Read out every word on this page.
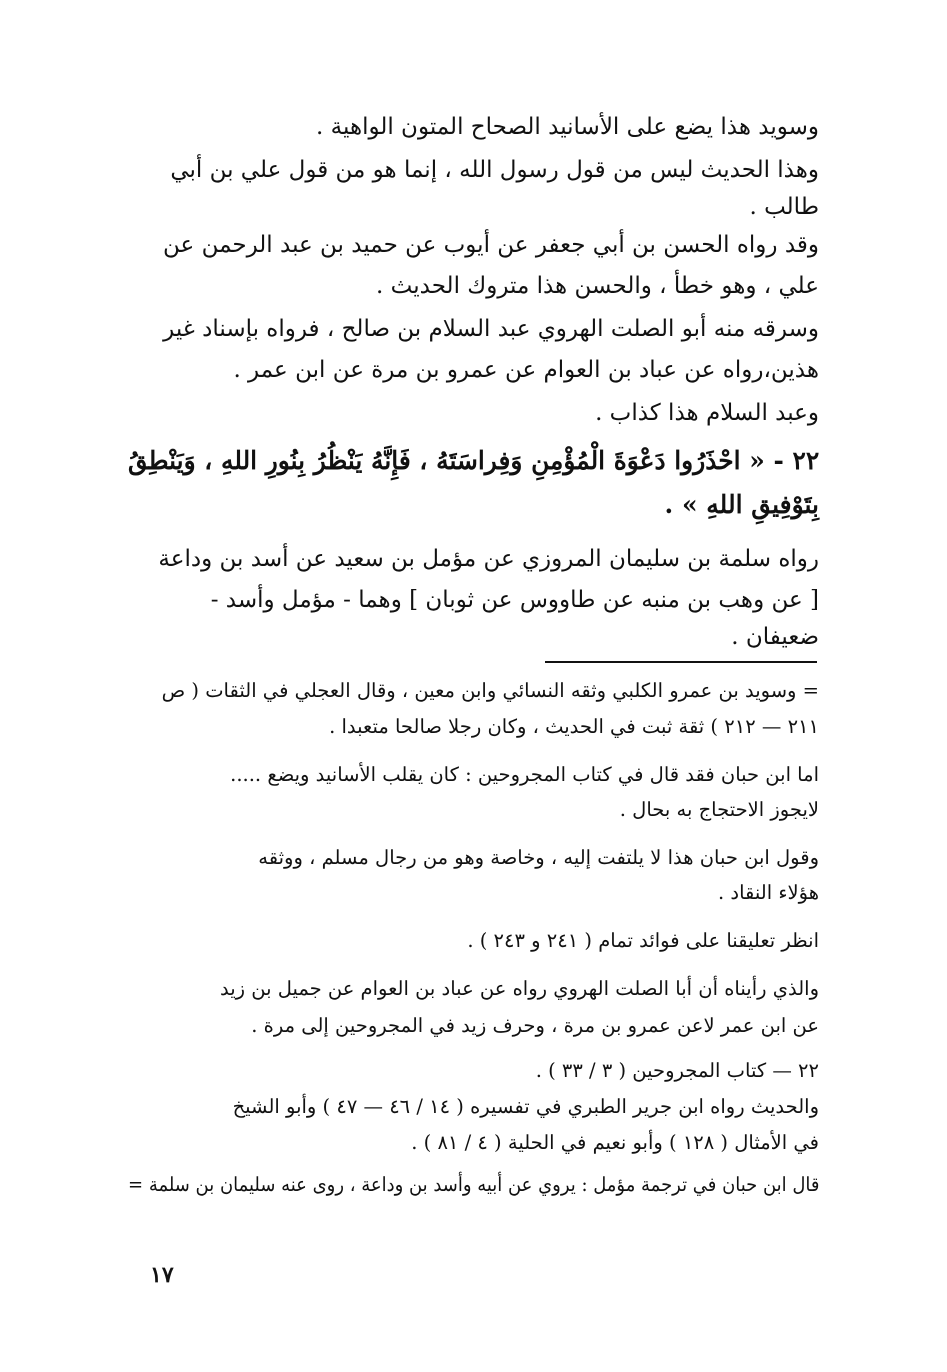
وسويد هذا يضع على الأسانيد الصحاح المتون الواهية .
وهذا الحديث ليس من قول رسول الله ، إنما هو من قول علي بن أبي
طالب .
وقد رواه الحسن بن أبي جعفر عن أيوب عن حميد بن عبد الرحمن عن
علي ، وهو خطأ ، والحسن هذا متروك الحديث .
وسرقه منه أبو الصلت الهروي عبد السلام بن صالح ، فرواه بإسناد غير
هذين،رواه عن عباد بن العوام عن عمرو بن مرة عن ابن عمر .
وعبد السلام هذا كذاب .
٢٢ - « احْذَرُوا دَعْوَةَ الْمُؤْمِنِ وَفِراسَتَهُ ، فَإِنَّهُ يَنْظُرُ بِنُورِ اللهِ ، وَيَنْطِقُ
بِتَوْفِيقِ اللهِ » .
رواه سلمة بن سليمان المروزي عن مؤمل بن سعيد عن أسد بن وداعة
[ عن وهب بن منبه عن طاووس عن ثوبان ] وهما - مؤمل وأسد -
ضعيفان .
= وسويد بن عمرو الكلبي وثقه النسائي وابن معين ، وقال العجلي في الثقات ( ص
٢١١ — ٢١٢ ) ثقة ثبت في الحديث ، وكان رجلا صالحا متعبدا .
اما ابن حبان فقد قال في كتاب المجروحين : كان يقلب الأسانيد ويضع .....
لايجوز الاحتجاج به بحال .
وقول ابن حبان هذا لا يلتفت إليه ، وخاصة وهو من رجال مسلم ، ووثقه
هؤلاء النقاد .
انظر تعليقنا على فوائد تمام ( ٢٤١ و ٢٤٣ ) .
والذي رأيناه أن أبا الصلت الهروي رواه عن عباد بن العوام عن جميل بن زيد
عن ابن عمر لاعن عمرو بن مرة ، وحرف زيد في المجروحين إلى مرة .
٢٢ — كتاب المجروحين ( ٣ / ٣٣ ) .
والحديث رواه ابن جرير الطبري في تفسيره ( ١٤ / ٤٦ — ٤٧ ) وأبو الشيخ
في الأمثال ( ١٢٨ ) وأبو نعيم في الحلية ( ٤ / ٨١ ) .
قال ابن حبان في ترجمة مؤمل : يروي عن أبيه وأسد بن وداعة ، روى عنه سليمان بن سلمة =
١٧
